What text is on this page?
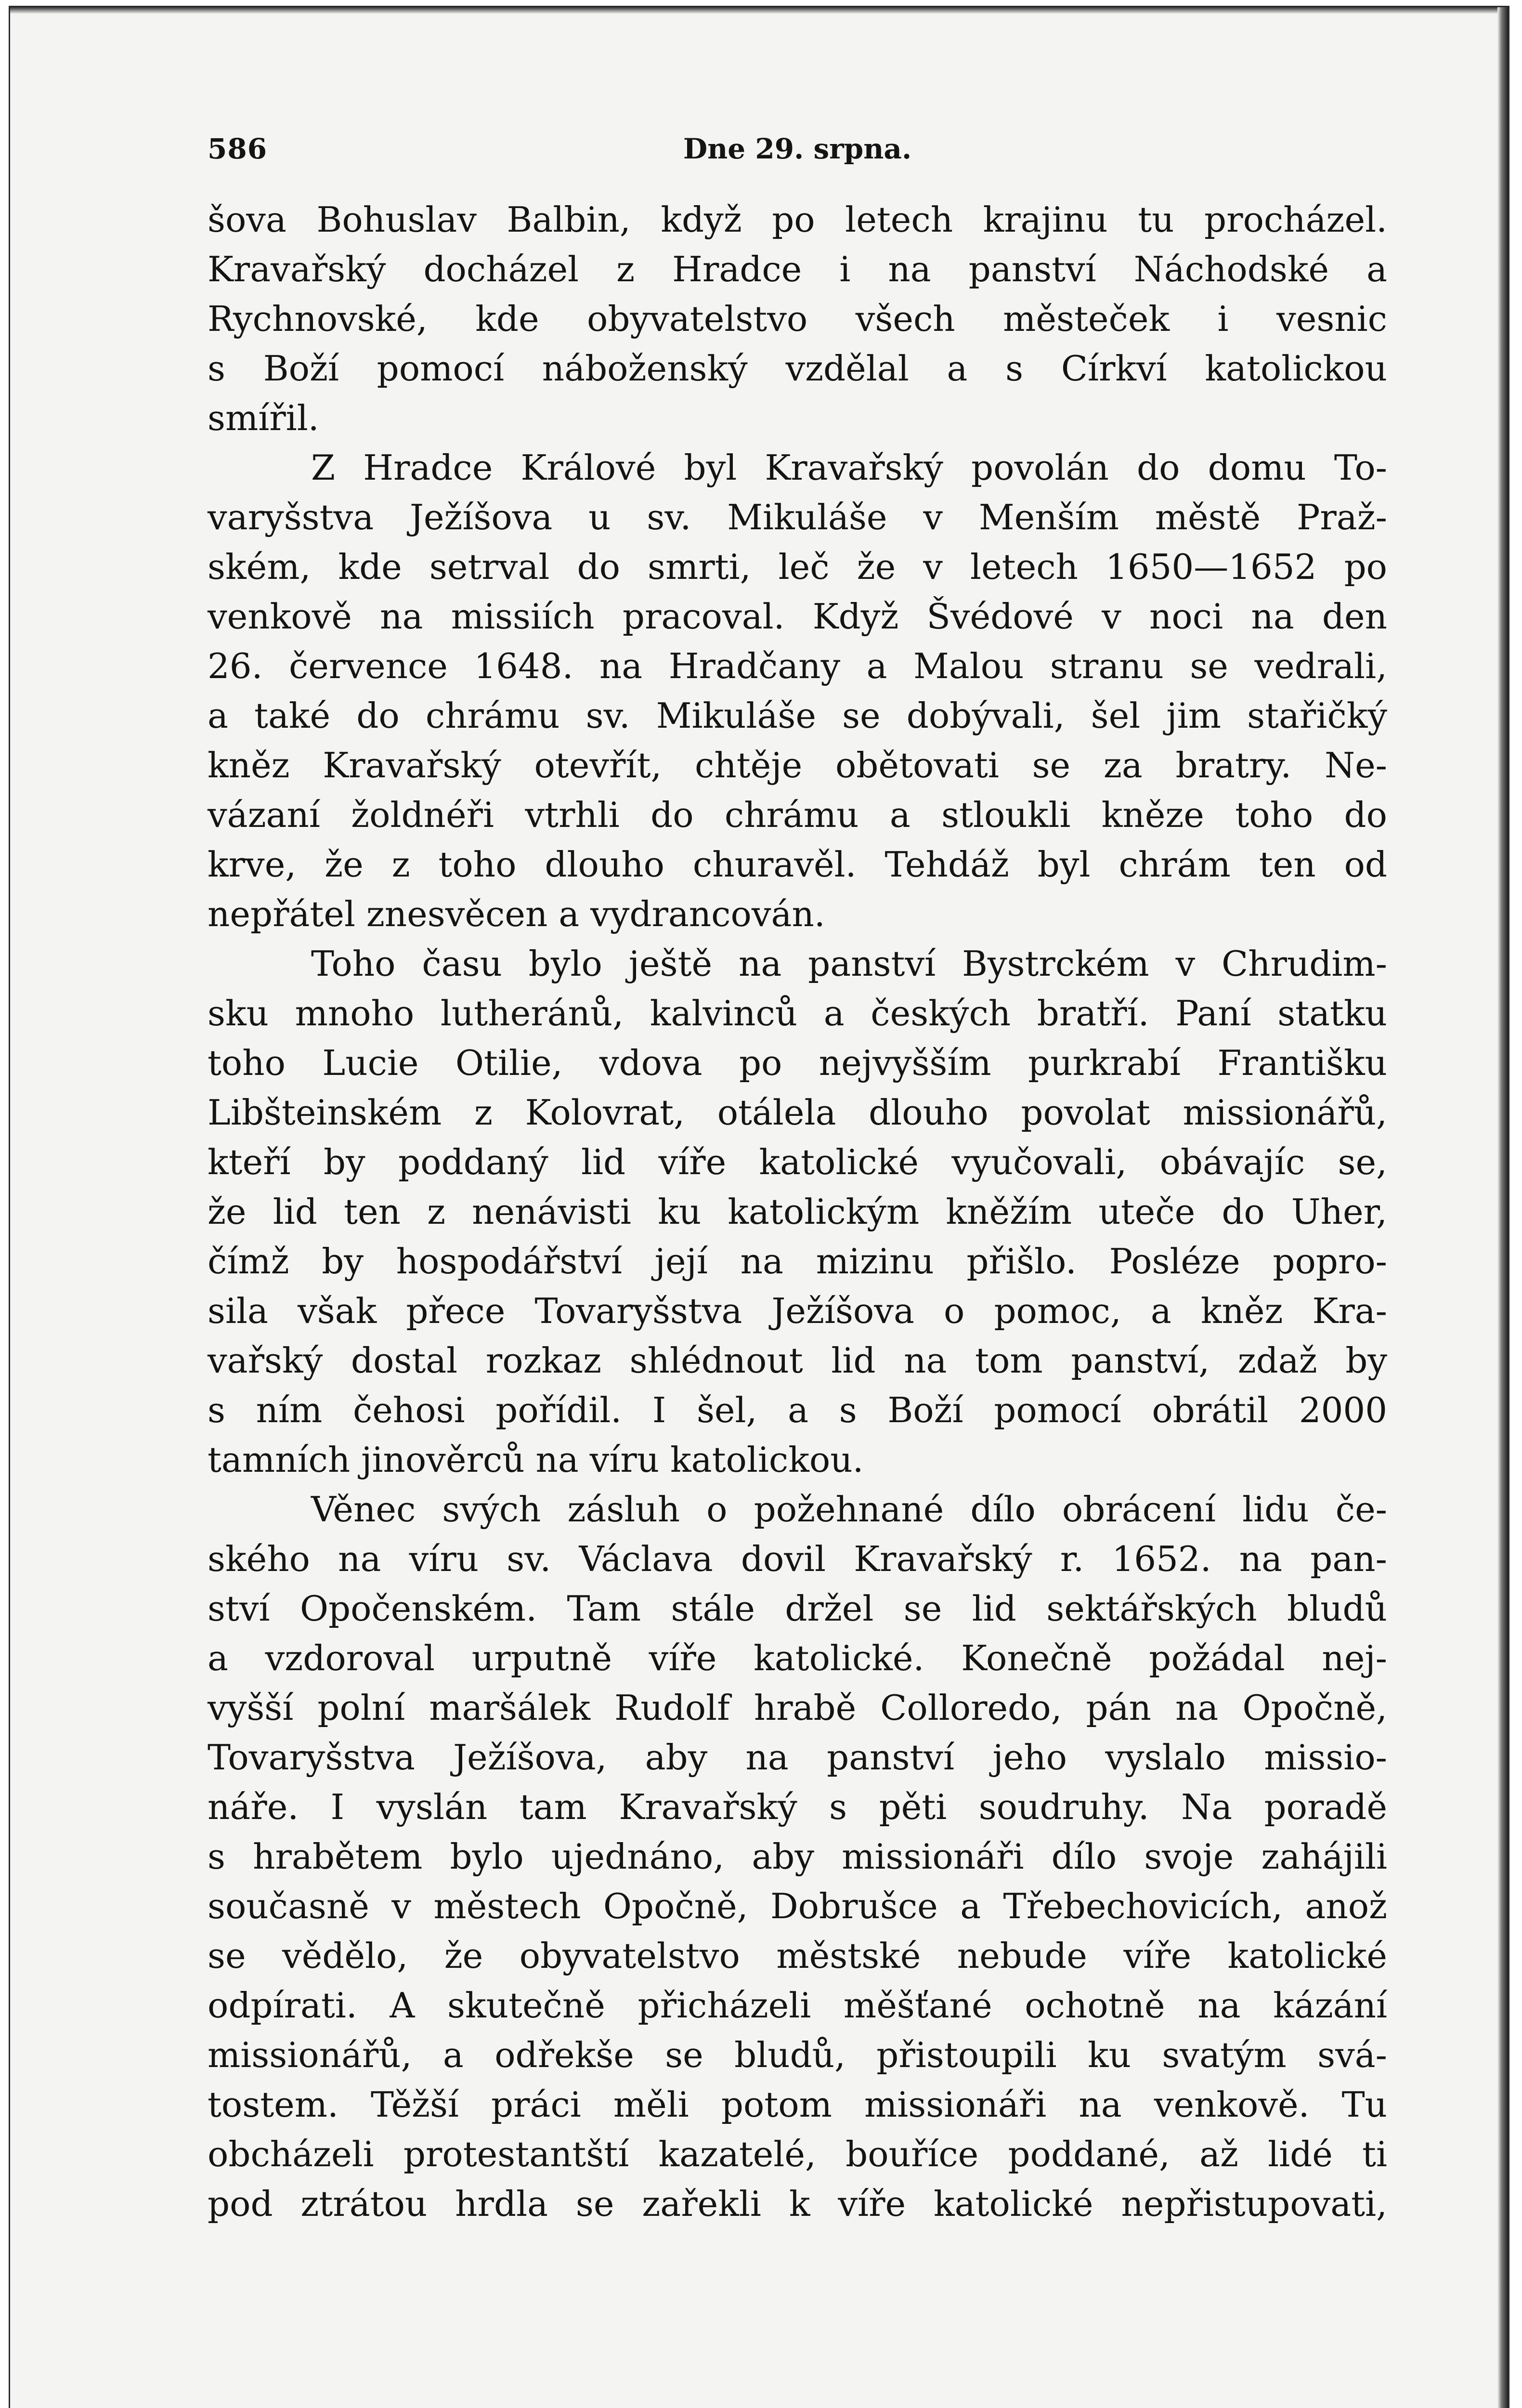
586	Dne 29. srpna.
šova Bohuslav Balbin, když po letech krajinu tu procházel.
Kravařský docházel z Hradce i na panství Náchodské a
Rychnovské, kde obyvatelstvo všech městeček i vesnic
s Boží pomocí náboženský vzdělal a s Církví katolickou
smířil.
Z Hradce Králové byl Kravařský povolán do domu To-
varyšstva Ježíšova u sv. Mikuláše v Menším městě Praž-
ském, kde setrval do smrti, leč že v letech 1650—1652 po
venkově na missiích pracoval. Když Švédové v noci na den
26. července 1648. na Hradčany a Malou stranu se vedrali,
a také do chrámu sv. Mikuláše se dobývali, šel jim stařičký
kněz Kravařský otevřít, chtěje obětovati se za bratry. Ne-
vázaní žoldnéři vtrhli do chrámu a stloukli kněze toho do
krve, že z toho dlouho churavěl. Tehdáž byl chrám ten od
nepřátel znesvěcen a vydrancován.
Toho času bylo ještě na panství Bystrckém v Chrudim-
sku mnoho lutheránů, kalvinců a českých bratří. Paní statku
toho Lucie Otilie, vdova po nejvyšším purkrabí Františku
Libšteinském z Kolovrat, otálela dlouho povolat missionářů,
kteří by poddaný lid víře katolické vyučovali, obávajíc se,
že lid ten z nenávisti ku katolickým kněžím uteče do Uher,
čímž by hospodářství její na mizinu přišlo. Posléze popro-
sila však přece Tovaryšstva Ježíšova o pomoc, a kněz Kra-
vařský dostal rozkaz shlédnout lid na tom panství, zdaž by
s ním čehosi pořídil. I šel, a s Boží pomocí obrátil 2000
tamních jinověrců na víru katolickou.
Věnec svých zásluh o požehnané dílo obrácení lidu če-
ského na víru sv. Václava dovil Kravařský r. 1652. na pan-
ství Opočenském. Tam stále držel se lid sektářských bludů
a vzdoroval urputně víře katolické. Konečně požádal nej-
vyšší polní maršálek Rudolf hrabě Colloredo, pán na Opočně,
Tovaryšstva Ježíšova, aby na panství jeho vyslalo missio-
náře. I vyslán tam Kravařský s pěti soudruhy. Na poradě
s hrabětem bylo ujednáno, aby missionáři dílo svoje zahájili
současně v městech Opočně, Dobrušce a Třebechovicích, anož
se vědělo, že obyvatelstvo městské nebude víře katolické
odpírati. A skutečně přicházeli měšťané ochotně na kázání
missionářů, a odřekše se bludů, přistoupili ku svatým svá-
tostem. Těžší práci měli potom missionáři na venkově. Tu
obcházeli protestantští kazatelé, bouříce poddané, až lidé ti
pod ztrátou hrdla se zařekli k víře katolické nepřistupovati,
